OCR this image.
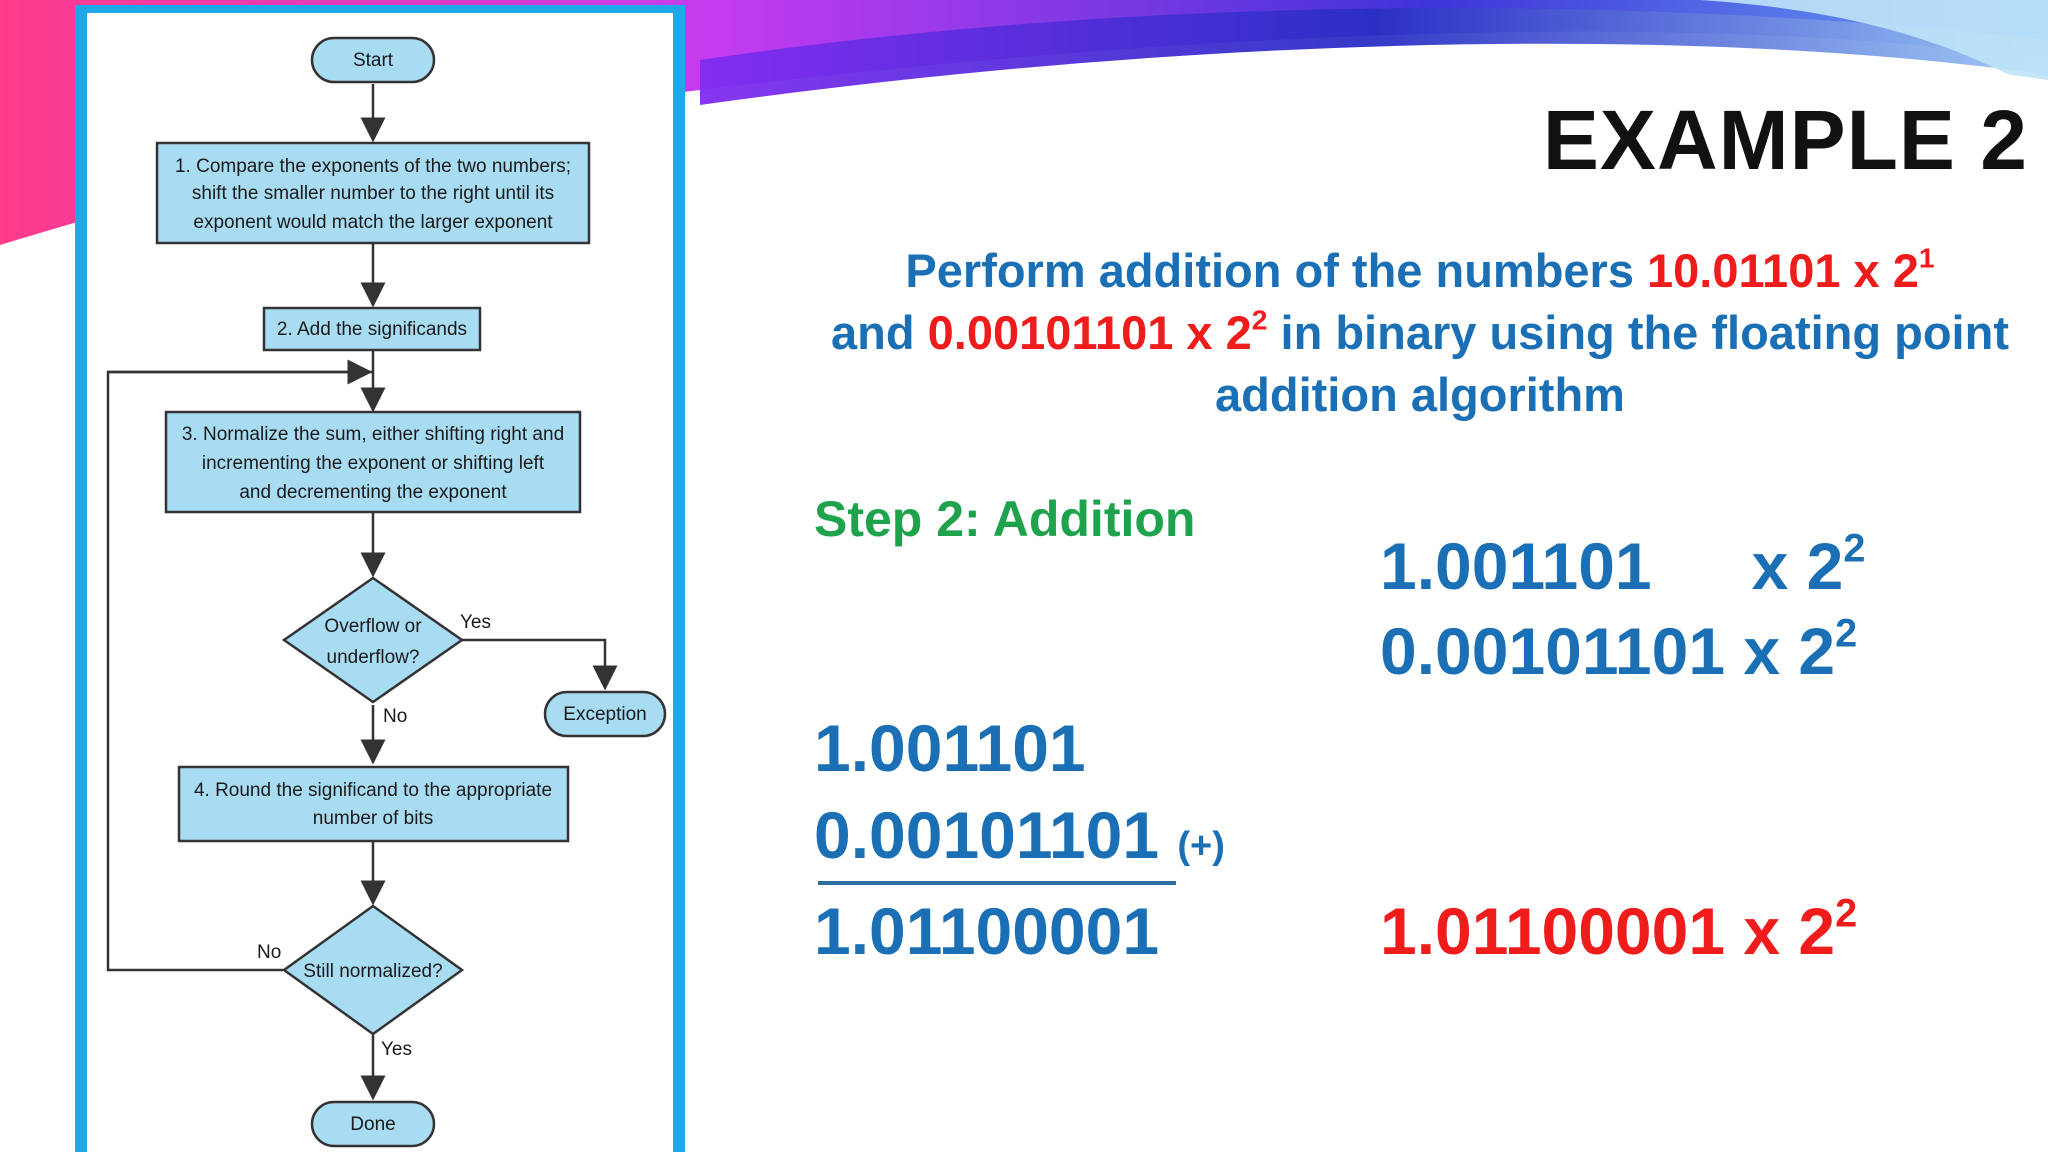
Start
1. Compare the exponents of the two numbers;
shift the smaller number to the right until its
exponent would match the larger exponent
2. Add the significands
3. Normalize the sum, either shifting right and
incrementing the exponent or shifting left
and decrementing the exponent
Overflow or
underflow?
Yes
No	Exception
4. Round the significand to the appropriate
number of bits
Still normalized?
No
Yes
Done
EXAMPLE 2
Perform addition of the numbers 10.01101 x $2^1$
and 0.00101101 x $2^2$ in binary using the floating point addition algorithm
Step 2: Addition
1.001101 x $2^2$
0.00101101 x $2^2$
1.001101
0.00101101 (+)
1.01100001	1.01100001 x $2^2$
